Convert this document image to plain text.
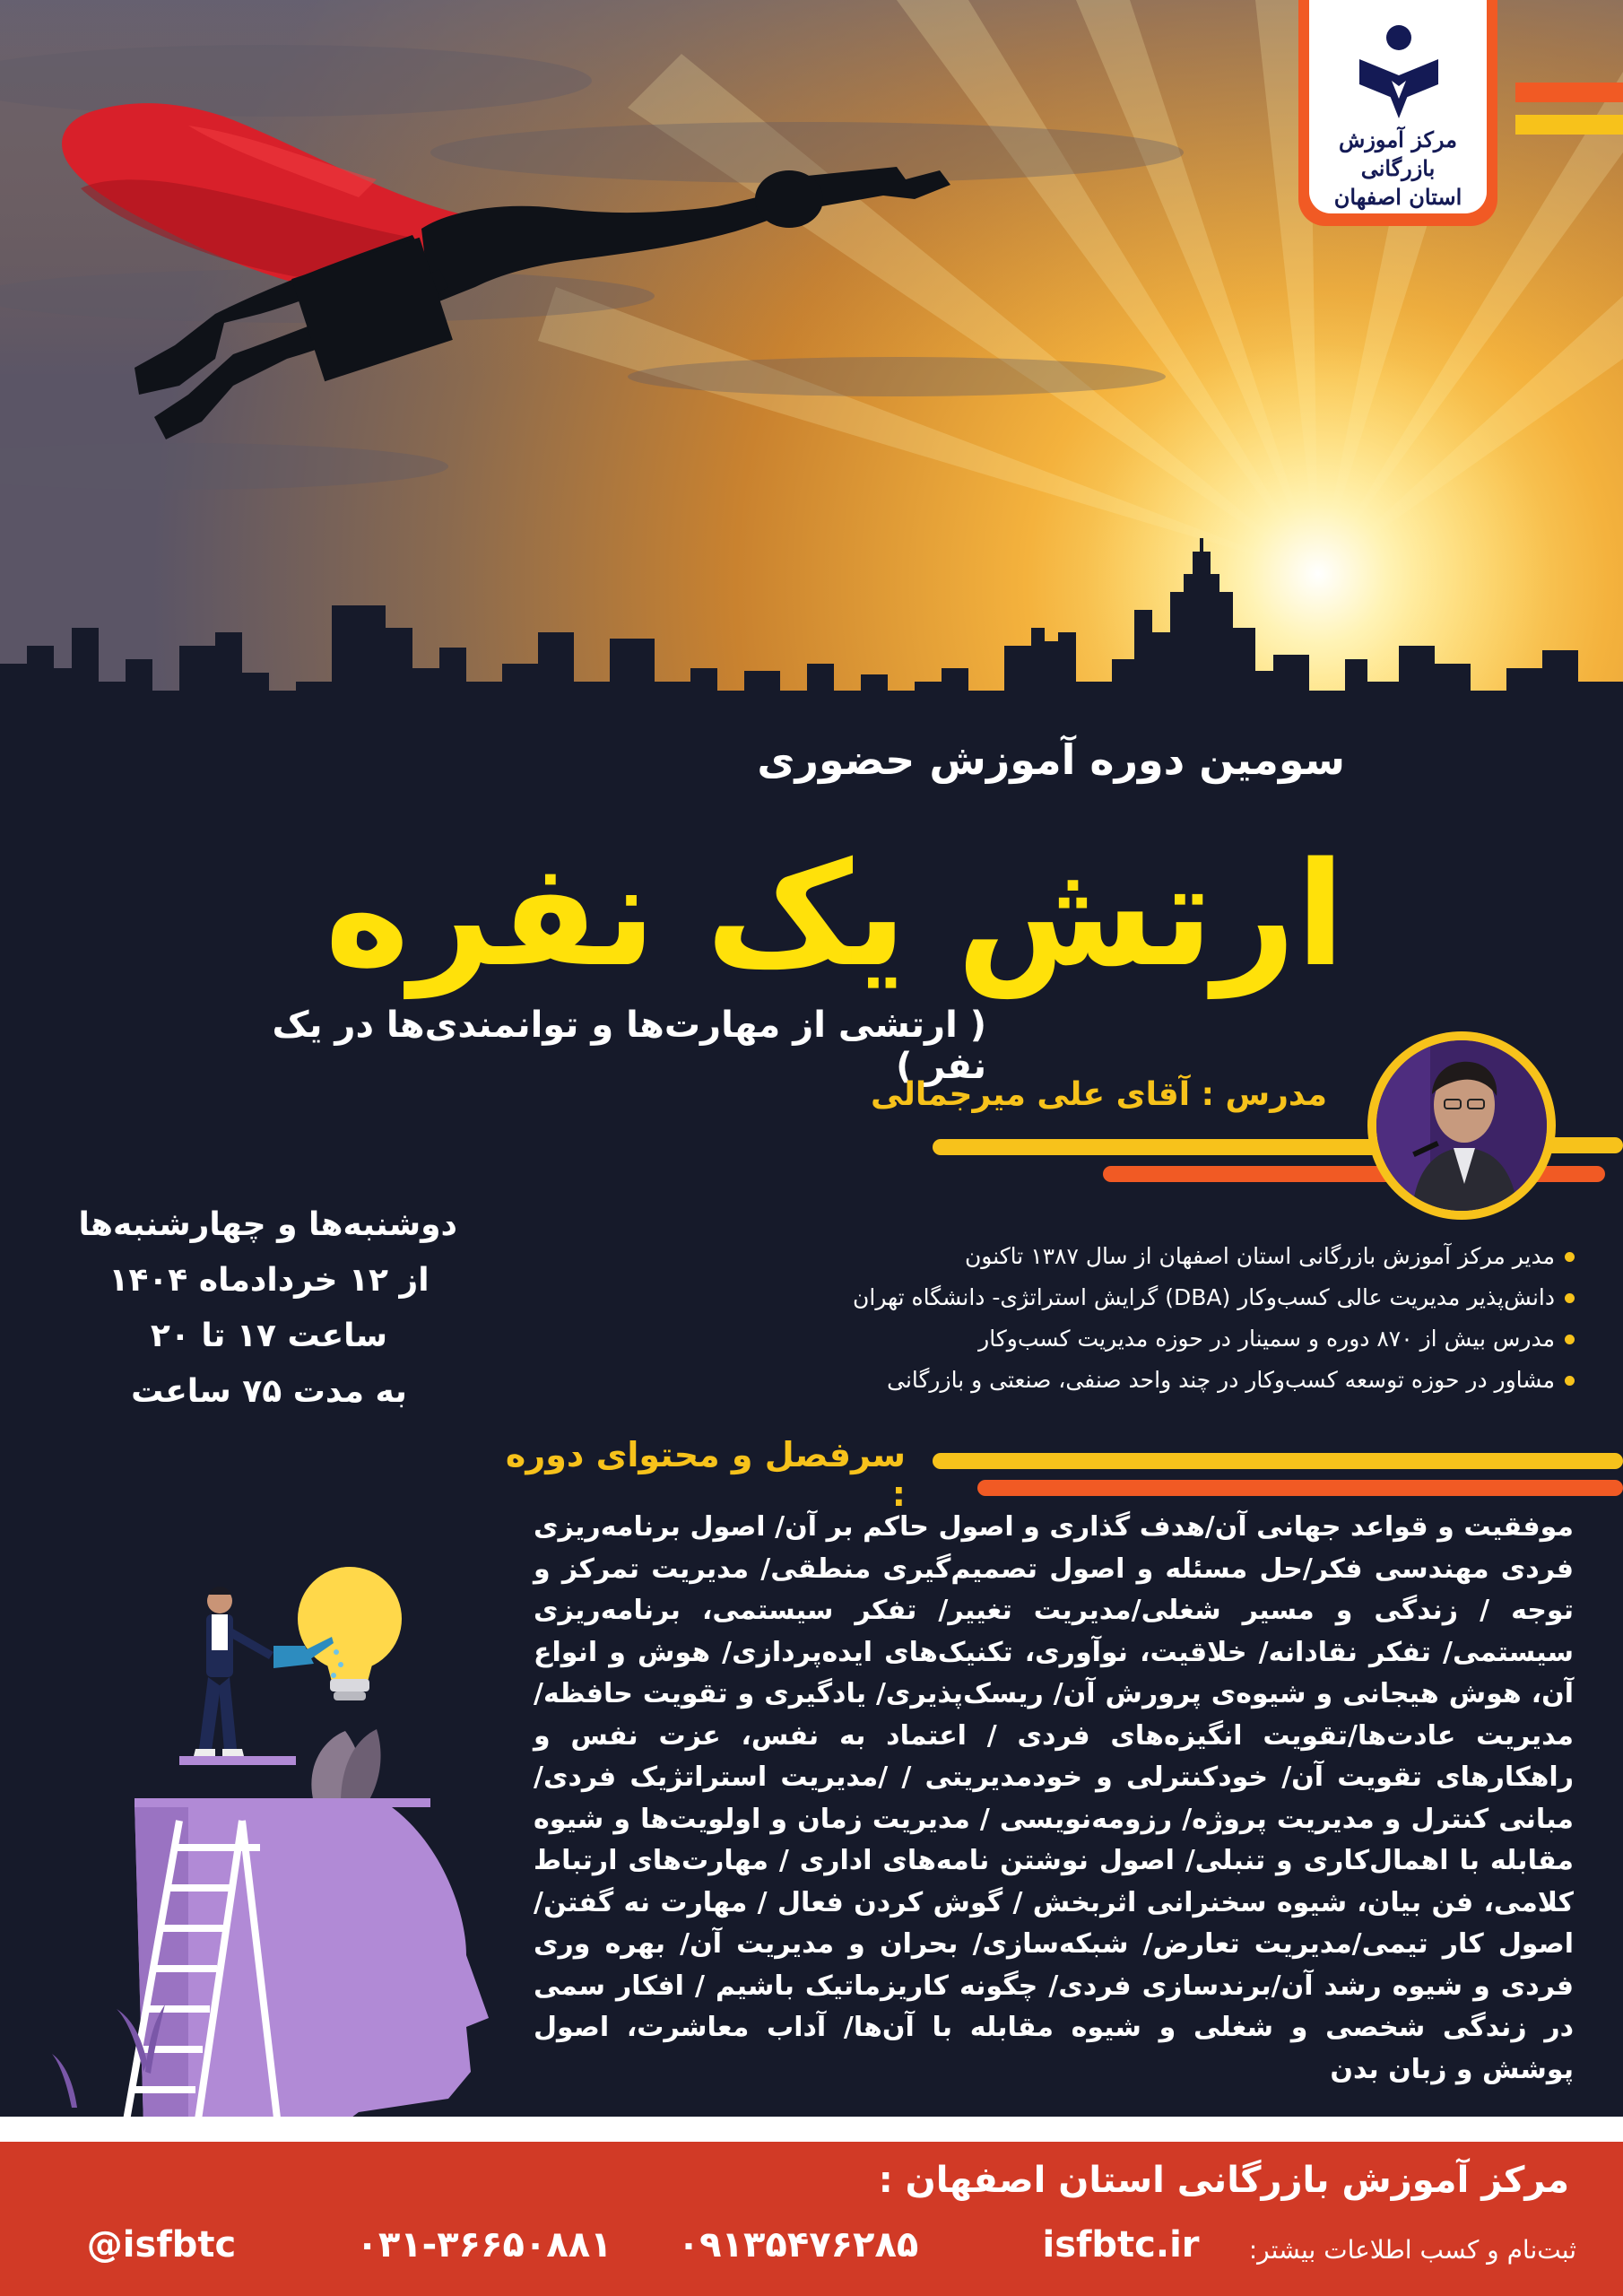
مرکز آموزش بازرگانی
استان اصفهان
سومین دوره آموزش حضوری
ارتش یک نفره
( ارتشی از مهارت‌ها و توانمندی‌ها در یک نفر )
مدرس : آقای علی میرجمالی
مدیر مرکز آموزش بازرگانی استان اصفهان از سال ۱۳۸۷ تاکنون
دانش‌پذیر مدیریت عالی کسب‌وکار (DBA) گرایش استراتژی- دانشگاه تهران
مدرس بیش از ۸۷۰ دوره و سمینار در حوزه مدیریت کسب‌وکار
مشاور در حوزه توسعه کسب‌وکار در چند واحد صنفی، صنعتی و بازرگانی
دوشنبه‌ها و چهارشنبه‌ها
از ۱۲ خردادماه ۱۴۰۴
ساعت ۱۷ تا ۲۰
به مدت ۷۵ ساعت
سرفصل و محتوای دوره :
موفقیت و قواعد جهانی آن/هدف گذاری و اصول حاکم بر آن/ اصول برنامه‌ریزی فردی مهندسی فکر/حل مسئله و اصول تصمیم‌گیری منطقی/ مدیریت تمرکز و توجه / زندگی و مسیر شغلی/مدیریت تغییر/ تفکر سیستمی، برنامه‌ریزی سیستمی/ تفکر نقادانه/ خلاقیت، نوآوری، تکنیک‌های ایده‌پردازی/ هوش و انواع آن، هوش هیجانی و شیوه‌ی پرورش آن/ ریسک‌پذیری/ یادگیری و تقویت حافظه/ مدیریت عادت‌ها/تقویت انگیزه‌های فردی / اعتماد به نفس، عزت نفس و راهکارهای تقویت آن/ خودکنترلی و خودمدیریتی / /مدیریت استراتژیک فردی/مبانی کنترل و مدیریت پروژه/ رزومه‌نویسی / مدیریت زمان و اولویت‌ها و شیوه مقابله با اهمال‌کاری و تنبلی/ اصول نوشتن نامه‌های اداری / مهارت‌های ارتباط کلامی، فن بیان، شیوه سخنرانی اثربخش / گوش کردن فعال / مهارت نه گفتن/ اصول کار تیمی/مدیریت تعارض/ شبکه‌سازی/ بحران و مدیریت آن/ بهره وری فردی و شیوه رشد آن/برندسازی فردی/ چگونه کاریزماتیک باشیم / افکار سمی در زندگی شخصی و شغلی و شیوه مقابله با آن‌ها/ آداب معاشرت، اصول پوشش و زبان بدن
مرکز آموزش بازرگانی استان اصفهان :
ثبت‌نام و کسب اطلاعات بیشتر:
isfbtc.ir
۰۹۱۳۵۴۷۶۲۸۵
۰۳۱-۳۶۶۵۰۸۸۱
@isfbtc
